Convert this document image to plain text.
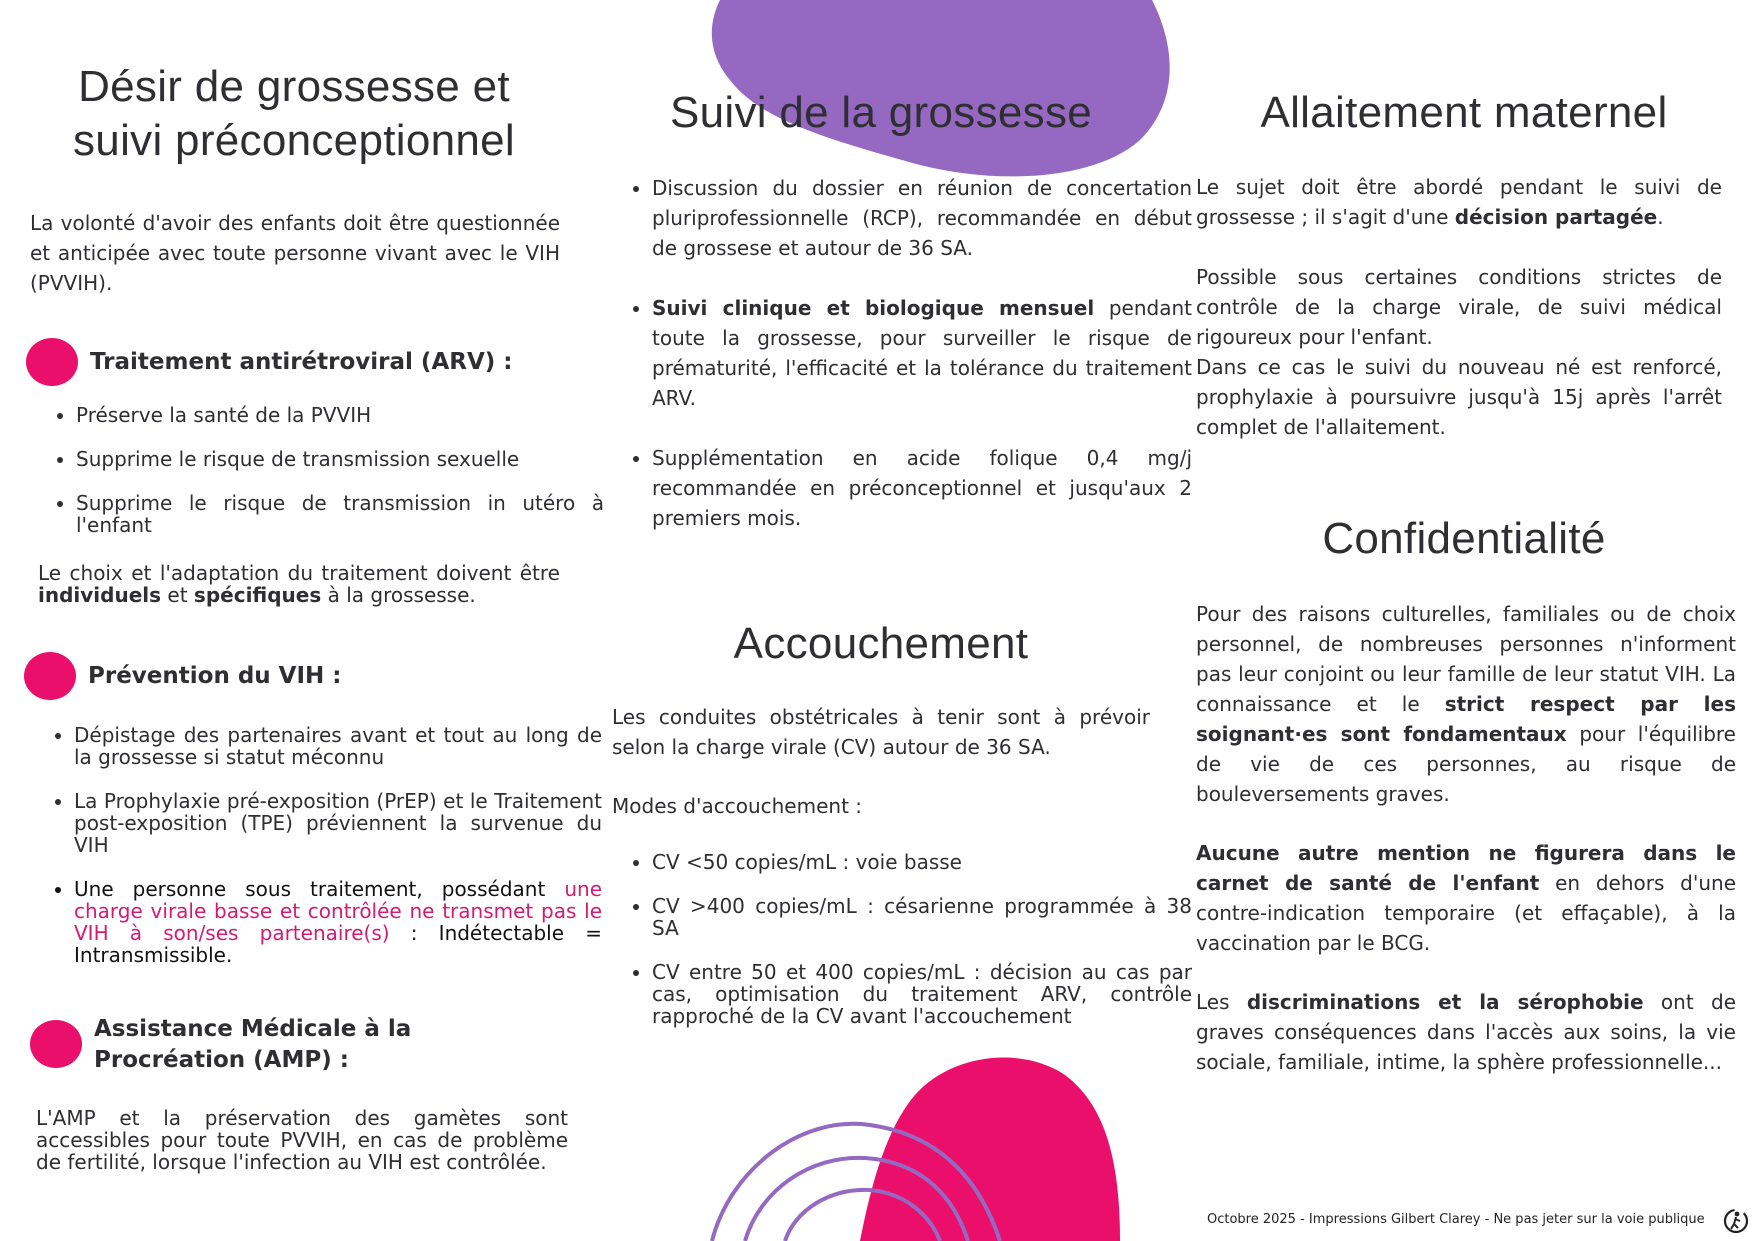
Désir de grossesse et
suivi préconceptionnel

La volonté d'avoir des enfants doit être questionnée et anticipée avec toute personne vivant avec le VIH (PVVIH).

Traitement antirétroviral (ARV) :
• Préserve la santé de la PVVIH
• Supprime le risque de transmission sexuelle
• Supprime le risque de transmission in utéro à l'enfant

Le choix et l'adaptation du traitement doivent être individuels et spécifiques à la grossesse.

Prévention du VIH :
• Dépistage des partenaires avant et tout au long de la grossesse si statut méconnu
• La Prophylaxie pré-exposition (PrEP) et le Traitement post-exposition (TPE) préviennent la survenue du VIH
• Une personne sous traitement, possédant une charge virale basse et contrôlée ne transmet pas le VIH à son/ses partenaire(s) : Indétectable = Intransmissible.
Assistance Médicale à la
Procréation (AMP) :

L'AMP et la préservation des gamètes sont accessibles pour toute PVVIH, en cas de problème de fertilité, lorsque l'infection au VIH est contrôlée.

Suivi de la grossesse
• Discussion du dossier en réunion de concertation pluriprofessionnelle (RCP), recommandée en début de grossese et autour de 36 SA.
• Suivi clinique et biologique mensuel pendant toute la grossesse, pour surveiller le risque de prématurité, l'efficacité et la tolérance du traitement ARV.
• Supplémentation en acide folique 0,4 mg/j recommandée en préconceptionnel et jusqu'aux 2 premiers mois.
Accouchement

Les conduites obstétricales à tenir sont à prévoir selon la charge virale (CV) autour de 36 SA.

Modes d'accouchement :

• CV <50 copies/mL : voie basse
• CV >400 copies/mL : césarienne programmée à 38 SA
• CV entre 50 et 400 copies/mL : décision au cas par cas, optimisation du traitement ARV, contrôle rapproché de la CV avant l'accouchement
Allaitement maternel

Le sujet doit être abordé pendant le suivi de grossesse ; il s'agit d'une décision partagée.

Possible sous certaines conditions strictes de contrôle de la charge virale, de suivi médical rigoureux pour l'enfant.

Dans ce cas le suivi du nouveau né est renforcé, prophylaxie à poursuivre jusqu'à 15j après l'arrêt complet de l'allaitement.

Confidentialité

Pour des raisons culturelles, familiales ou de choix personnel, de nombreuses personnes n'informent pas leur conjoint ou leur famille de leur statut VIH. La connaissance et le strict respect par les soignant·es sont fondamentaux pour l'équilibre de vie de ces personnes, au risque de bouleversements graves.

Aucune autre mention ne figurera dans le carnet de santé de l'enfant en dehors d'une contre-indication temporaire (et effaçable), à la vaccination par le BCG.

Les discriminations et la sérophobie ont de graves conséquences dans l'accès aux soins, la vie sociale, familiale, intime, la sphère professionnelle...

Octobre 2025 - Impressions Gilbert Clarey - Ne pas jeter sur la voie publique
